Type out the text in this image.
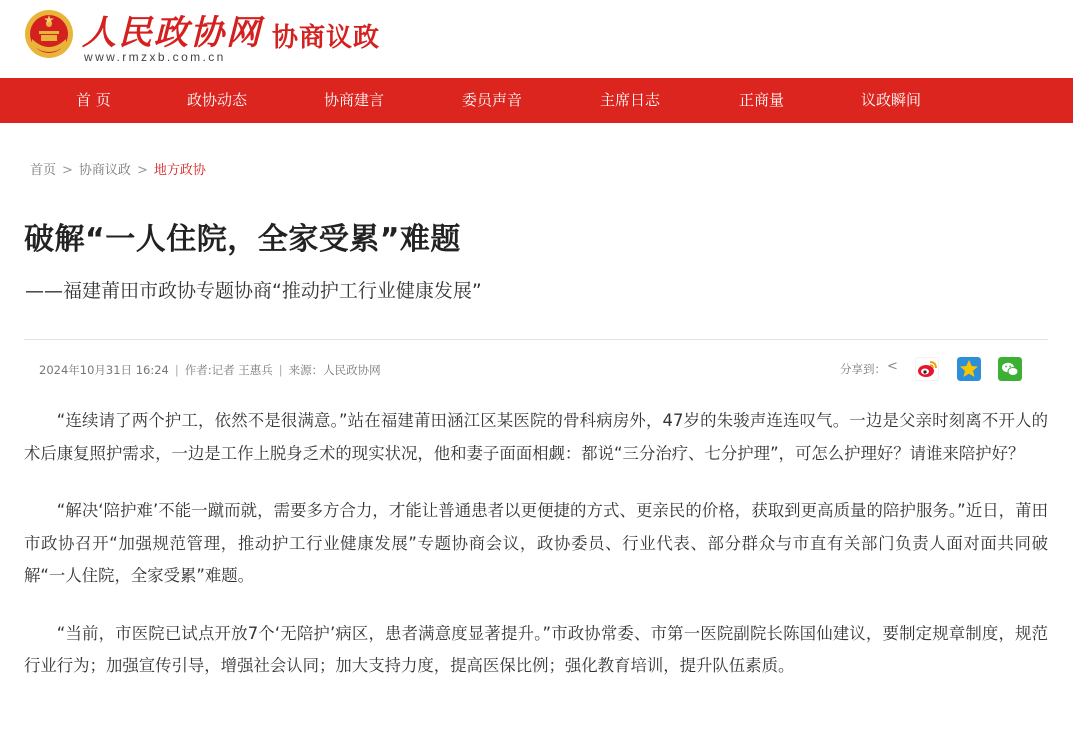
人民政协网
www.rmzxb.com.cn
协商议政
首 页	政协动态	协商建言	委员声音	主席日志	正商量	议政瞬间
首页 > 协商议政 > 地方政协
破解“一人住院，全家受累”难题
——福建莆田市政协专题协商“推动护工行业健康发展”
2024年10月31日 16:24 | 作者:记者 王惠兵 | 来源：人民政协网	分享到： <

“连续请了两个护工，依然不是很满意。”站在福建莆田涵江区某医院的骨科病房外，47岁的朱骏声连连叹气。一边是父亲时刻离不开人的术后康复照护需求，一边是工作上脱身乏术的现实状况，他和妻子面面相觑：都说“三分治疗、七分护理”，可怎么护理好？请谁来陪护好？

“解决‘陪护难’不能一蹴而就，需要多方合力，才能让普通患者以更便捷的方式、更亲民的价格，获取到更高质量的陪护服务。”近日，莆田市政协召开“加强规范管理，推动护工行业健康发展”专题协商会议，政协委员、行业代表、部分群众与市直有关部门负责人面对面共同破解“一人住院，全家受累”难题。

“当前，市医院已试点开放7个‘无陪护’病区，患者满意度显著提升。”市政协常委、市第一医院副院长陈国仙建议，要制定规章制度，规范行业行为；加强宣传引导，增强社会认同；加大支持力度，提高医保比例；强化教育培训，提升队伍素质。
